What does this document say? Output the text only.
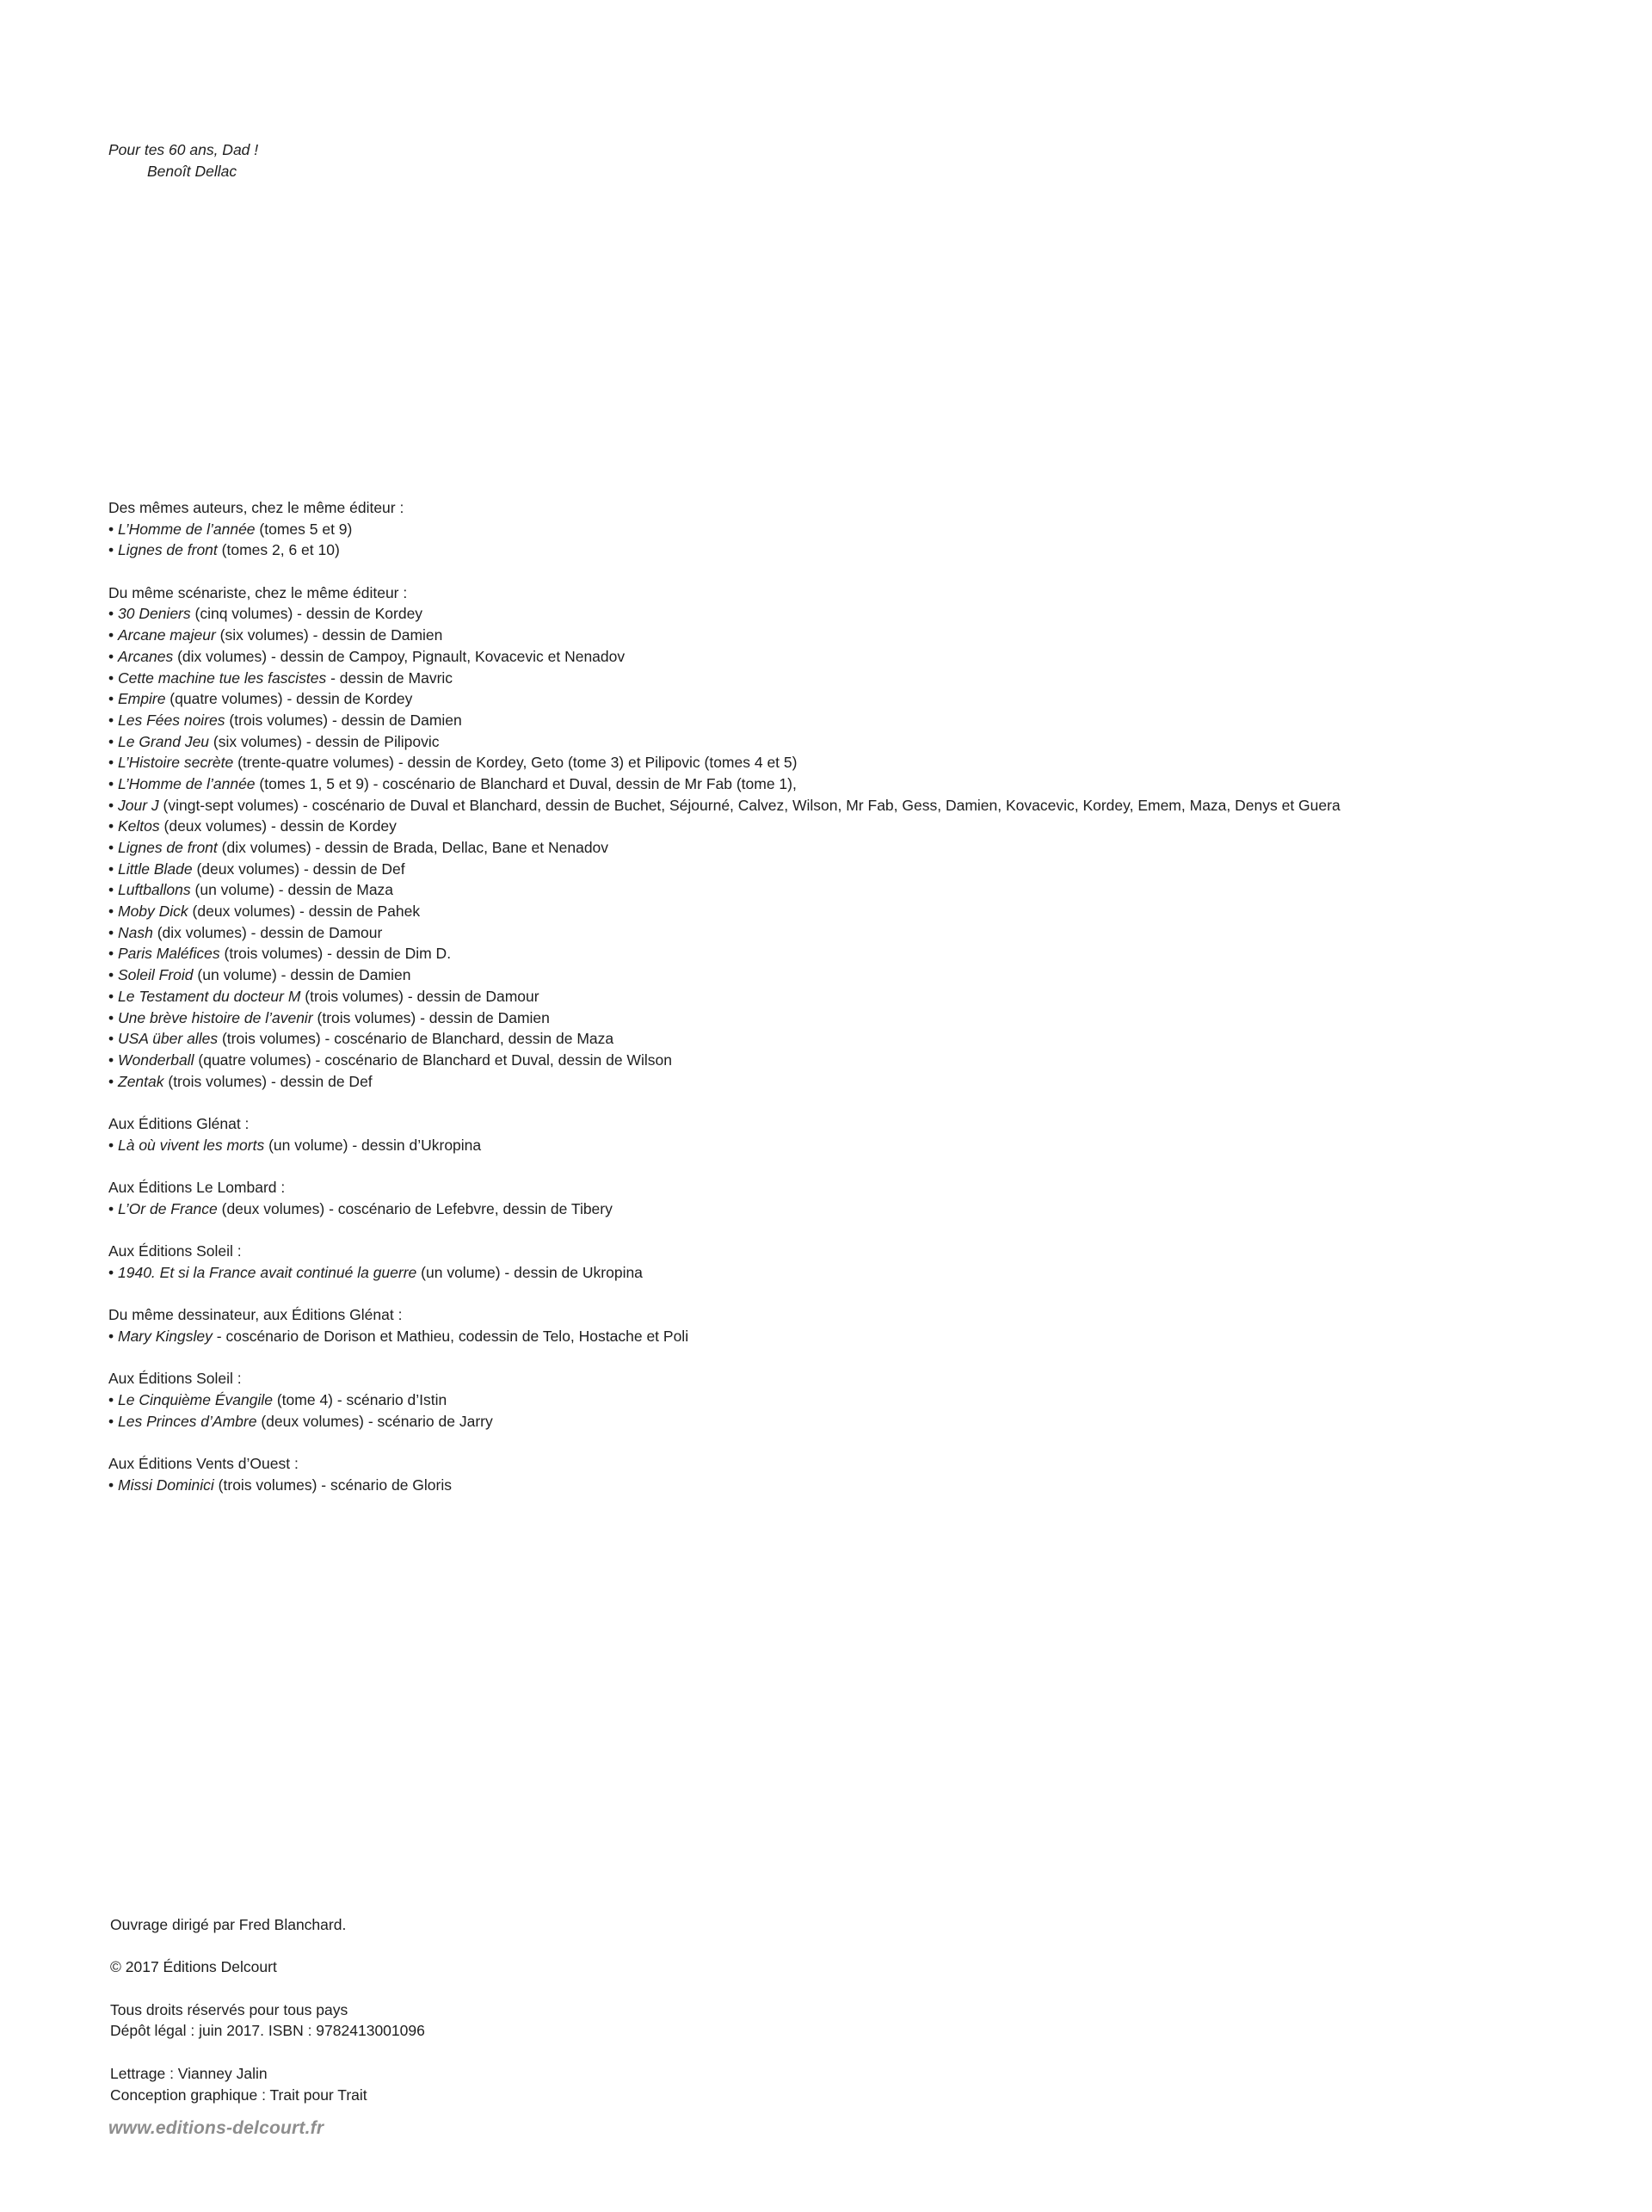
Pour tes 60 ans, Dad !
Benoît Dellac
Des mêmes auteurs, chez le même éditeur :
• L’Homme de l’année (tomes 5 et 9)
• Lignes de front (tomes 2, 6 et 10)
Du même scénariste, chez le même éditeur :
• 30 Deniers (cinq volumes) - dessin de Kordey
• Arcane majeur (six volumes) - dessin de Damien
• Arcanes (dix volumes) - dessin de Campoy, Pignault, Kovacevic et Nenadov
• Cette machine tue les fascistes - dessin de Mavric
• Empire (quatre volumes) - dessin de Kordey
• Les Fées noires (trois volumes) - dessin de Damien
• Le Grand Jeu (six volumes) - dessin de Pilipovic
• L’Histoire secrète (trente-quatre volumes) - dessin de Kordey, Geto (tome 3) et Pilipovic (tomes 4 et 5)
• L’Homme de l’année (tomes 1, 5 et 9) - coscénario de Blanchard et Duval, dessin de Mr Fab (tome 1),
• Jour J (vingt-sept volumes) - coscénario de Duval et Blanchard, dessin de Buchet, Séjourné, Calvez, Wilson, Mr Fab, Gess, Damien, Kovacevic, Kordey, Emem, Maza, Denys et Guera
• Keltos (deux volumes) - dessin de Kordey
• Lignes de front (dix volumes) - dessin de Brada, Dellac, Bane et Nenadov
• Little Blade (deux volumes) - dessin de Def
• Luftballons (un volume) - dessin de Maza
• Moby Dick (deux volumes) - dessin de Pahek
• Nash (dix volumes) - dessin de Damour
• Paris Maléfices (trois volumes) - dessin de Dim D.
• Soleil Froid (un volume) - dessin de Damien
• Le Testament du docteur M (trois volumes) - dessin de Damour
• Une brève histoire de l’avenir (trois volumes) - dessin de Damien
• USA über alles (trois volumes) - coscénario de Blanchard, dessin de Maza
• Wonderball (quatre volumes) - coscénario de Blanchard et Duval, dessin de Wilson
• Zentak (trois volumes) - dessin de Def
Aux Éditions Glénat :
• Là où vivent les morts (un volume) - dessin d’Ukropina
Aux Éditions Le Lombard :
• L’Or de France (deux volumes) - coscénario de Lefebvre, dessin de Tibery
Aux Éditions Soleil :
• 1940. Et si la France avait continué la guerre (un volume) - dessin de Ukropina
Du même dessinateur, aux Éditions Glénat :
• Mary Kingsley - coscénario de Dorison et Mathieu, codessin de Telo, Hostache et Poli
Aux Éditions Soleil :
• Le Cinquième Évangile (tome 4) - scénario d’Istin
• Les Princes d’Ambre (deux volumes) - scénario de Jarry
Aux Éditions Vents d’Ouest :
• Missi Dominici (trois volumes) - scénario de Gloris
Ouvrage dirigé par Fred Blanchard.
© 2017 Éditions Delcourt
Tous droits réservés pour tous pays
Dépôt légal : juin 2017. ISBN : 9782413001096
Lettrage : Vianney Jalin
Conception graphique : Trait pour Trait
www.editions-delcourt.fr
